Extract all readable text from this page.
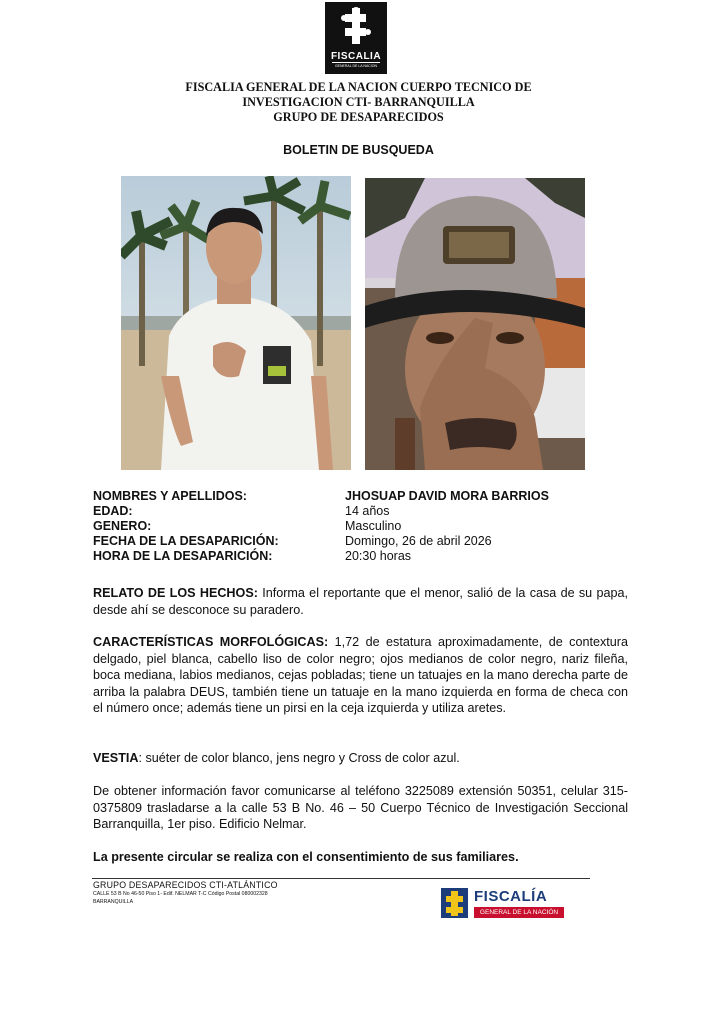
FISCALIA
GENERAL DE LA NACION
FISCALIA GENERAL DE LA NACION CUERPO TECNICO DE
INVESTIGACION CTI- BARRANQUILLA
GRUPO DE DESAPARECIDOS
BOLETIN DE BUSQUEDA
NOMBRES Y APELLIDOS:	JHOSUAP DAVID MORA BARRIOS
EDAD:	14 años
GENERO:	Masculino
FECHA DE LA DESAPARICIÓN:	Domingo, 26 de abril 2026
HORA DE LA DESAPARICIÓN:	20:30 horas
RELATO DE LOS HECHOS: Informa el reportante que el menor, salió de la casa de su papa, desde ahí se desconoce su paradero.
CARACTERÍSTICAS MORFOLÓGICAS: 1,72 de estatura aproximadamente, de contextura delgado, piel blanca, cabello liso de color negro; ojos medianos de color negro, nariz fileña, boca mediana, labios medianos, cejas pobladas; tiene un tatuajes en la mano derecha parte de arriba la palabra DEUS, también tiene un tatuaje en la mano izquierda en forma de checa con el número once; además tiene un pirsi en la ceja izquierda y utiliza aretes.
VESTIA: suéter de color blanco, jens negro y Cross de color azul.
De obtener información favor comunicarse al teléfono 3225089 extensión 50351, celular 315-0375809 trasladarse a la calle 53 B No. 46 – 50 Cuerpo Técnico de Investigación Seccional Barranquilla, 1er piso. Edificio Nelmar.
La presente circular se realiza con el consentimiento de sus familiares.
GRUPO DESAPARECIDOS CTI-ATLÁNTICO
CALLE 53 B No 46-50 Piso 1- Edif. NELMAR T-C Código Postal 080002328
BARRANQUILLA	FISCALÍA
GENERAL DE LA NACIÓN
